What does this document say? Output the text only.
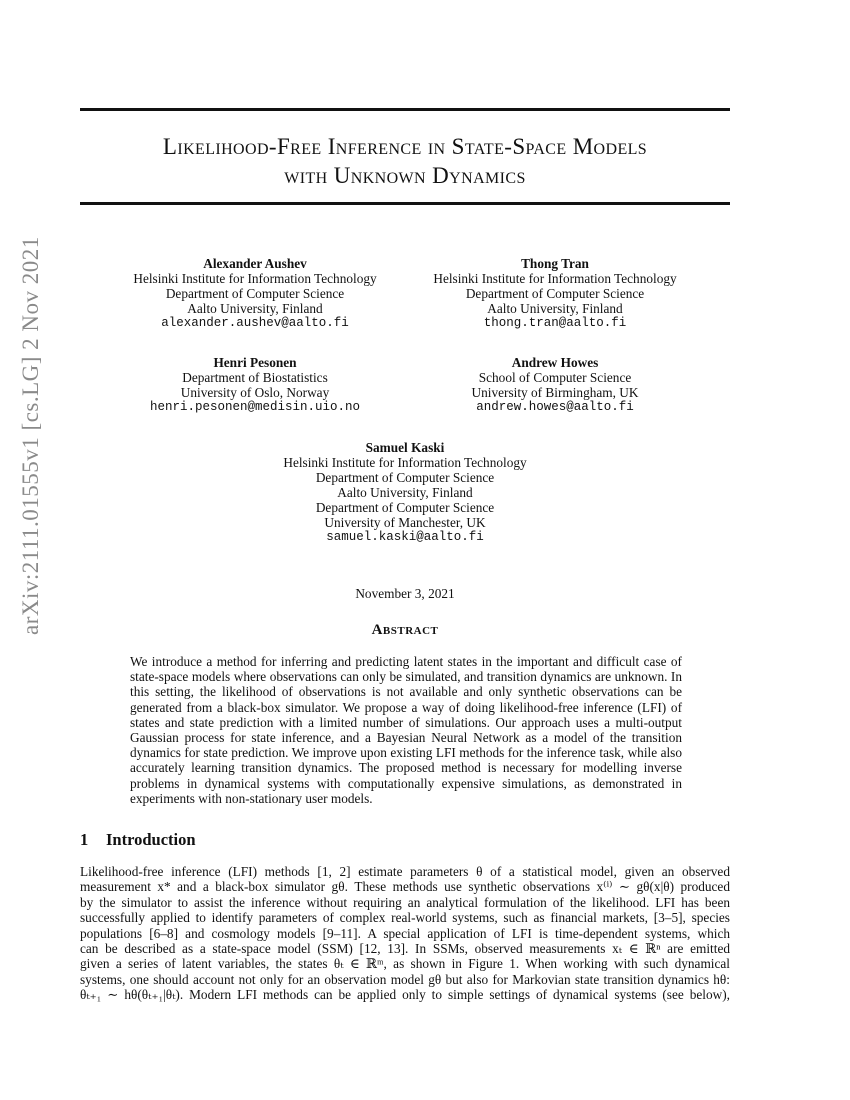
arXiv:2111.01555v1 [cs.LG] 2 Nov 2021
Likelihood-Free Inference in State-Space Models
with Unknown Dynamics
Alexander Aushev
Helsinki Institute for Information Technology
Department of Computer Science
Aalto University, Finland
alexander.aushev@aalto.fi
Thong Tran
Helsinki Institute for Information Technology
Department of Computer Science
Aalto University, Finland
thong.tran@aalto.fi
Henri Pesonen
Department of Biostatistics
University of Oslo, Norway
henri.pesonen@medisin.uio.no
Andrew Howes
School of Computer Science
University of Birmingham, UK
andrew.howes@aalto.fi
Samuel Kaski
Helsinki Institute for Information Technology
Department of Computer Science
Aalto University, Finland
Department of Computer Science
University of Manchester, UK
samuel.kaski@aalto.fi
November 3, 2021
Abstract
We introduce a method for inferring and predicting latent states in the important and difficult case of state-space models where observations can only be simulated, and transition dynamics are unknown. In this setting, the likelihood of observations is not available and only synthetic observations can be generated from a black-box simulator. We propose a way of doing likelihood-free inference (LFI) of states and state prediction with a limited number of simulations. Our approach uses a multi-output Gaussian process for state inference, and a Bayesian Neural Network as a model of the transition dynamics for state prediction. We improve upon existing LFI methods for the inference task, while also accurately learning transition dynamics. The proposed method is necessary for modelling inverse problems in dynamical systems with computationally expensive simulations, as demonstrated in experiments with non-stationary user models.
1 Introduction
Likelihood-free inference (LFI) methods [1, 2] estimate parameters θ of a statistical model, given an observed
measurement x* and a black-box simulator gθ. These methods use synthetic observations x⁽ⁱ⁾ ∼ gθ(x|θ) produced
by the simulator to assist the inference without requiring an analytical formulation of the likelihood. LFI has been
successfully applied to identify parameters of complex real-world systems, such as financial markets, [3–5], species
populations [6–8] and cosmology models [9–11]. A special application of LFI is time-dependent systems, which
can be described as a state-space model (SSM) [12, 13]. In SSMs, observed measurements xₜ ∈ ℝⁿ are emitted
given a series of latent variables, the states θₜ ∈ ℝᵐ, as shown in Figure 1. When working with such dynamical
systems, one should account not only for an observation model gθ but also for Markovian state transition dynamics hθ:
θₜ₊₁ ∼ hθ(θₜ₊₁|θₜ). Modern LFI methods can be applied only to simple settings of dynamical systems (see below),
